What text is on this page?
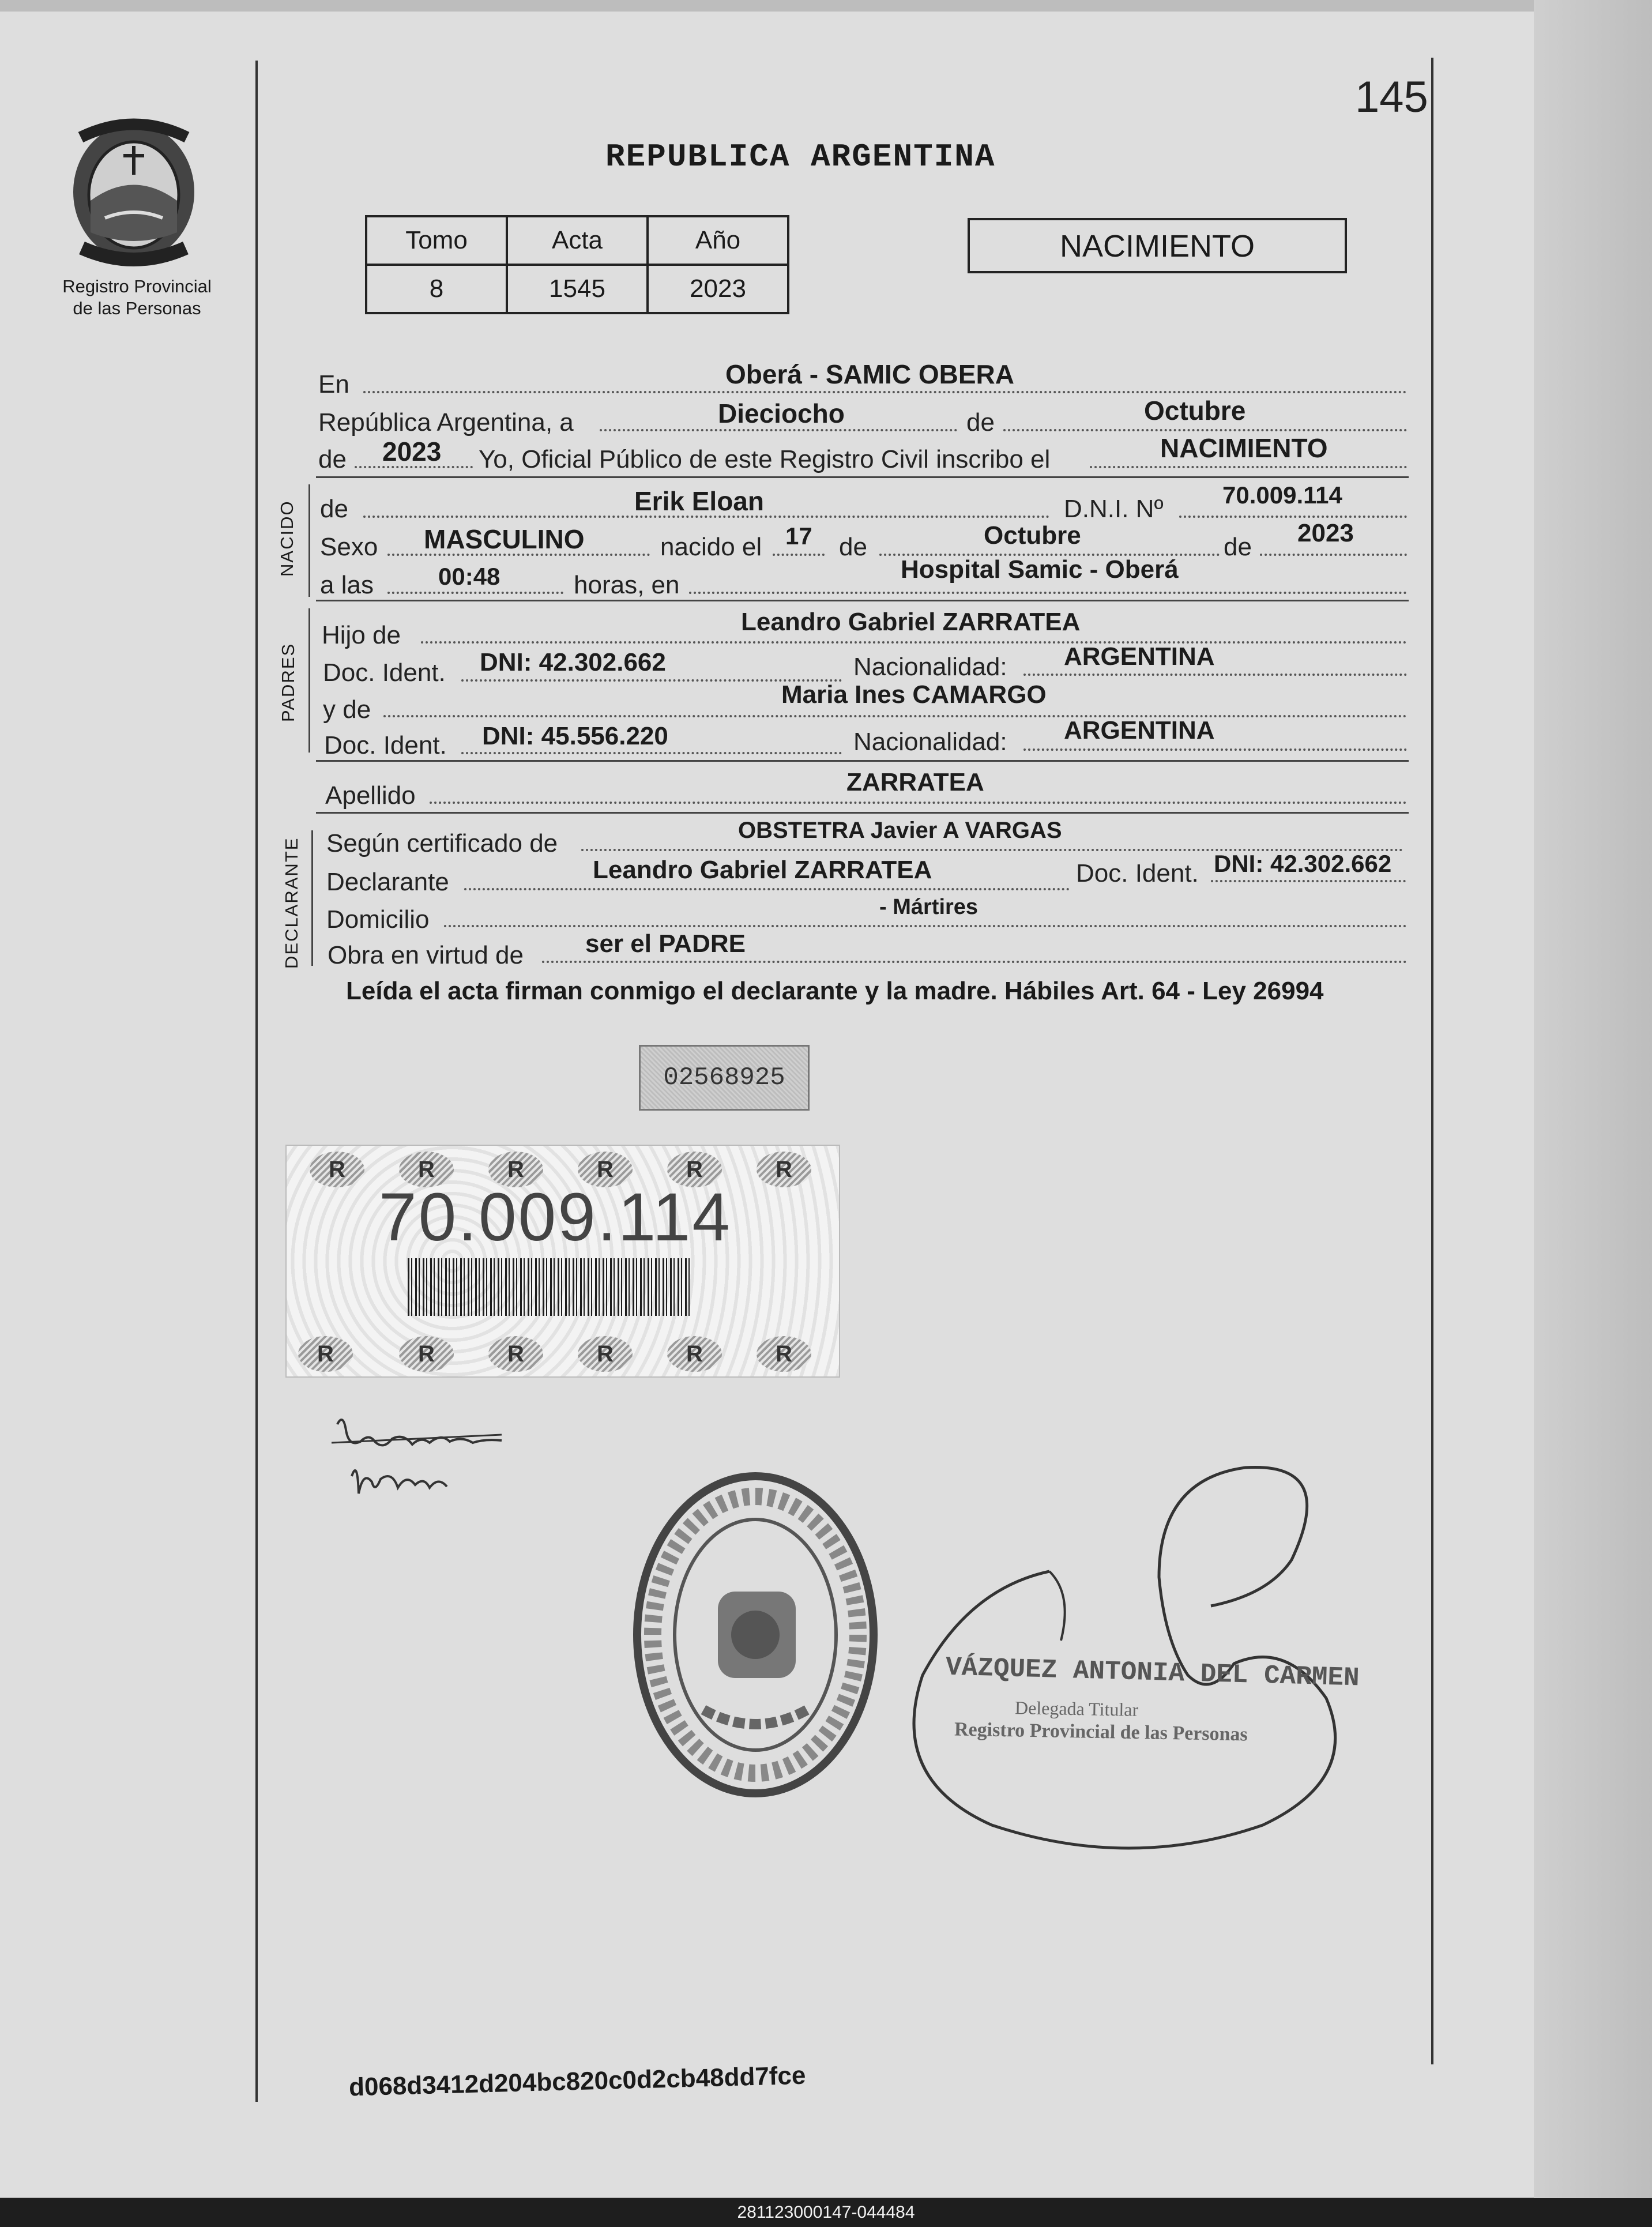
145
Registro Provincial
de las Personas
REPUBLICA ARGENTINA
Tomo	Acta	Año
8	1545	2023
NACIMIENTO
En	Oberá - SAMIC OBERA
República Argentina, a	Dieciocho	de	Octubre
de 2023 Yo, Oficial Público de este Registro Civil inscribo el	NACIMIENTO
NACIDO de	Erik Eloan	D.N.I. Nº 70.009.114
Sexo MASCULINO	nacido el 17 de	Octubre	de 2023
a las	00:48	horas, en
Hospital Samic - Oberá
PADRES
Hijo de	Leandro Gabriel ZARRATEA
Doc. Ident. DNI: 42.302.662	Nacionalidad: ARGENTINA
y de
Maria Ines CAMARGO
Doc. Ident. DNI: 45.556.220	Nacionalidad: ARGENTINA
Apellido	ZARRATEA
DECLARANTE Según certificado de	OBSTETRA Javier A VARGAS
Declarante	Leandro Gabriel ZARRATEA	Doc. Ident. DNI: 42.302.662
Domicilio	- Mártires
Obra en virtud de ser el PADRE
Leída el acta firman conmigo el declarante y la madre. Hábiles Art. 64 - Ley 26994
02568925
R	R	R	R	R	R
70.009.114
R	R	R	R	R	R
VÁZQUEZ ANTONIA DEL CARMEN
Delegada Titular
Registro Provincial de las Personas
d068d3412d204bc820c0d2cb48dd7fce
281123000147-044484
